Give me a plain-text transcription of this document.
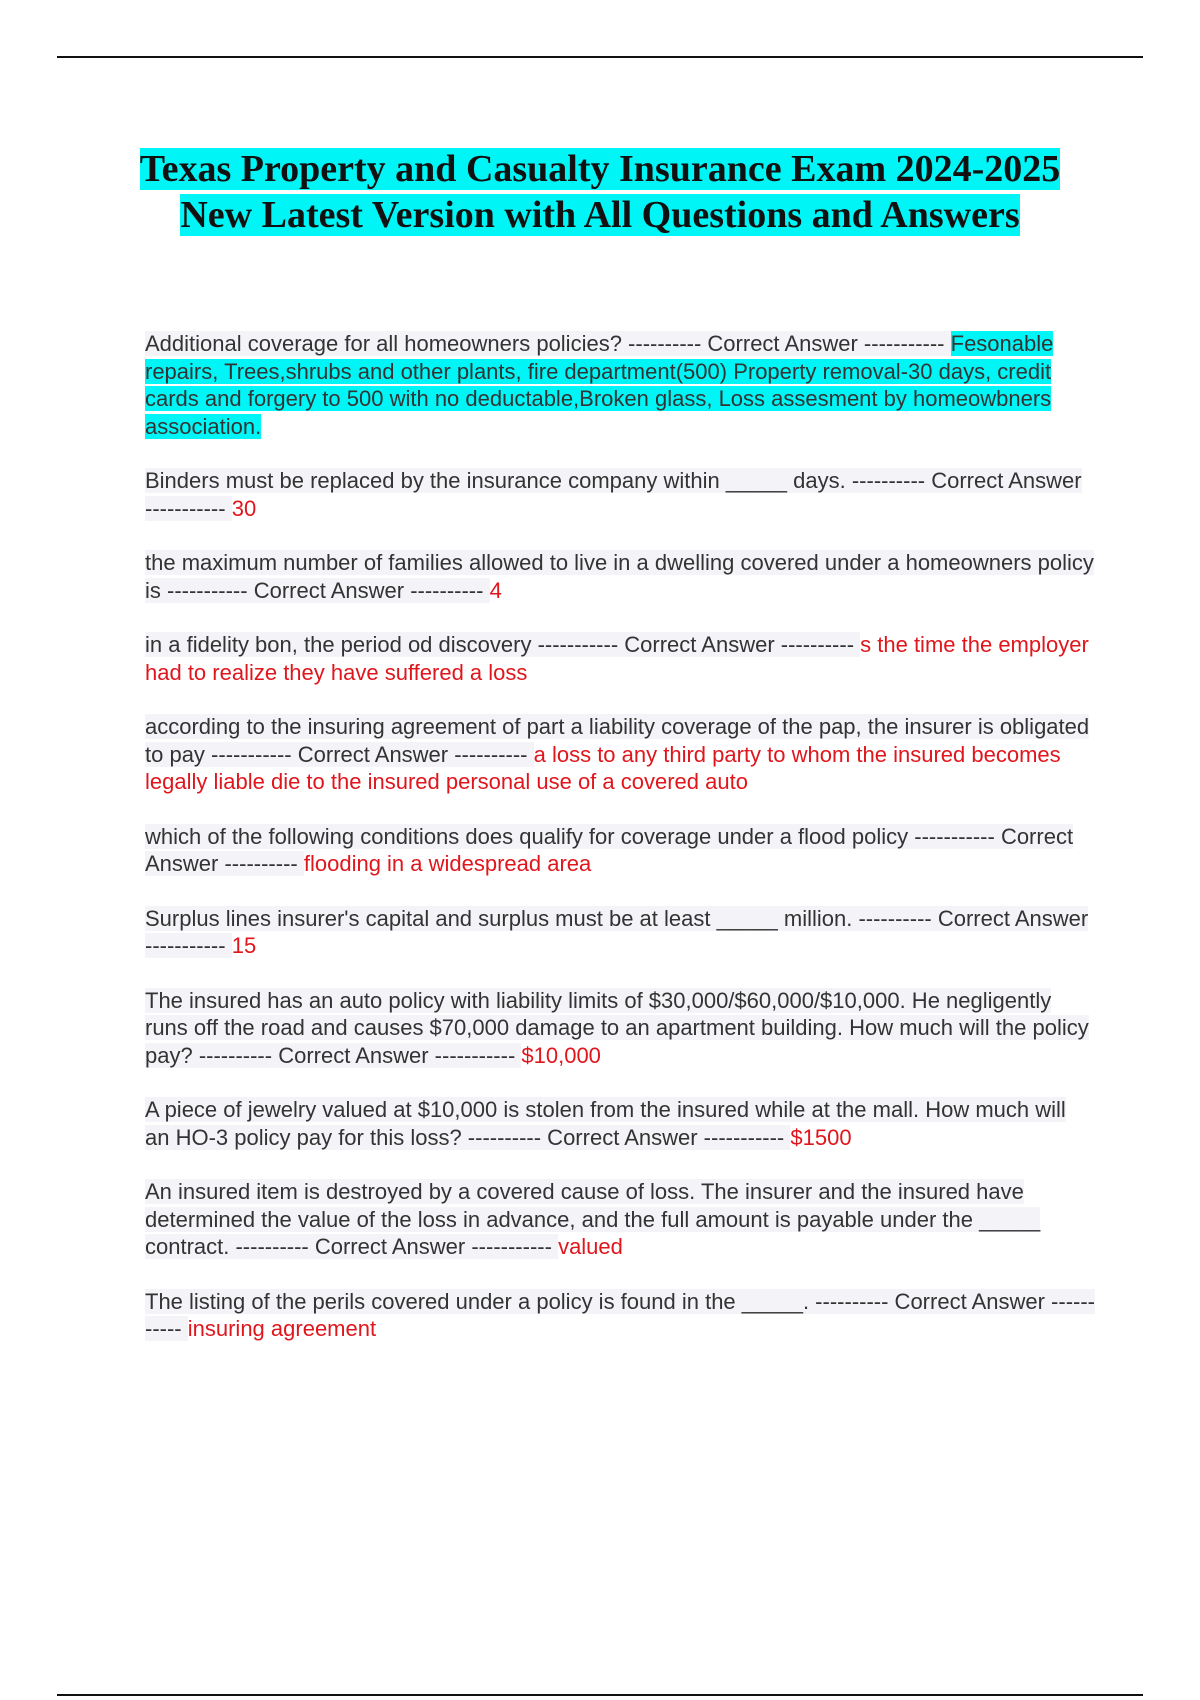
Texas Property and Casualty Insurance Exam 2024-2025 New Latest Version with All Questions and Answers

Additional coverage for all homeowners policies? ---------- Correct Answer ----------- Fesonable repairs, Trees,shrubs and other plants, fire department(500) Property removal-30 days, credit cards and forgery to 500 with no deductable,Broken glass, Loss assesment by homeowbners association.

Binders must be replaced by the insurance company within _____ days. ---------- Correct Answer ----------- 30

the maximum number of families allowed to live in a dwelling covered under a homeowners policy is ----------- Correct Answer ---------- 4

in a fidelity bon, the period od discovery ----------- Correct Answer ---------- s the time the employer had to realize they have suffered a loss

according to the insuring agreement of part a liability coverage of the pap, the insurer is obligated to pay ----------- Correct Answer ---------- a loss to any third party to whom the insured becomes legally liable die to the insured personal use of a covered auto

which of the following conditions does qualify for coverage under a flood policy ----------- Correct Answer ---------- flooding in a widespread area

Surplus lines insurer's capital and surplus must be at least _____ million. ---------- Correct Answer ----------- 15

The insured has an auto policy with liability limits of $30,000/$60,000/$10,000. He negligently runs off the road and causes $70,000 damage to an apartment building. How much will the policy pay? ---------- Correct Answer ----------- $10,000

A piece of jewelry valued at $10,000 is stolen from the insured while at the mall. How much will an HO-3 policy pay for this loss? ---------- Correct Answer ----------- $1500

An insured item is destroyed by a covered cause of loss. The insurer and the insured have determined the value of the loss in advance, and the full amount is payable under the _____ contract. ---------- Correct Answer ----------- valued

The listing of the perils covered under a policy is found in the _____. ---------- Correct Answer ----------- insuring agreement
